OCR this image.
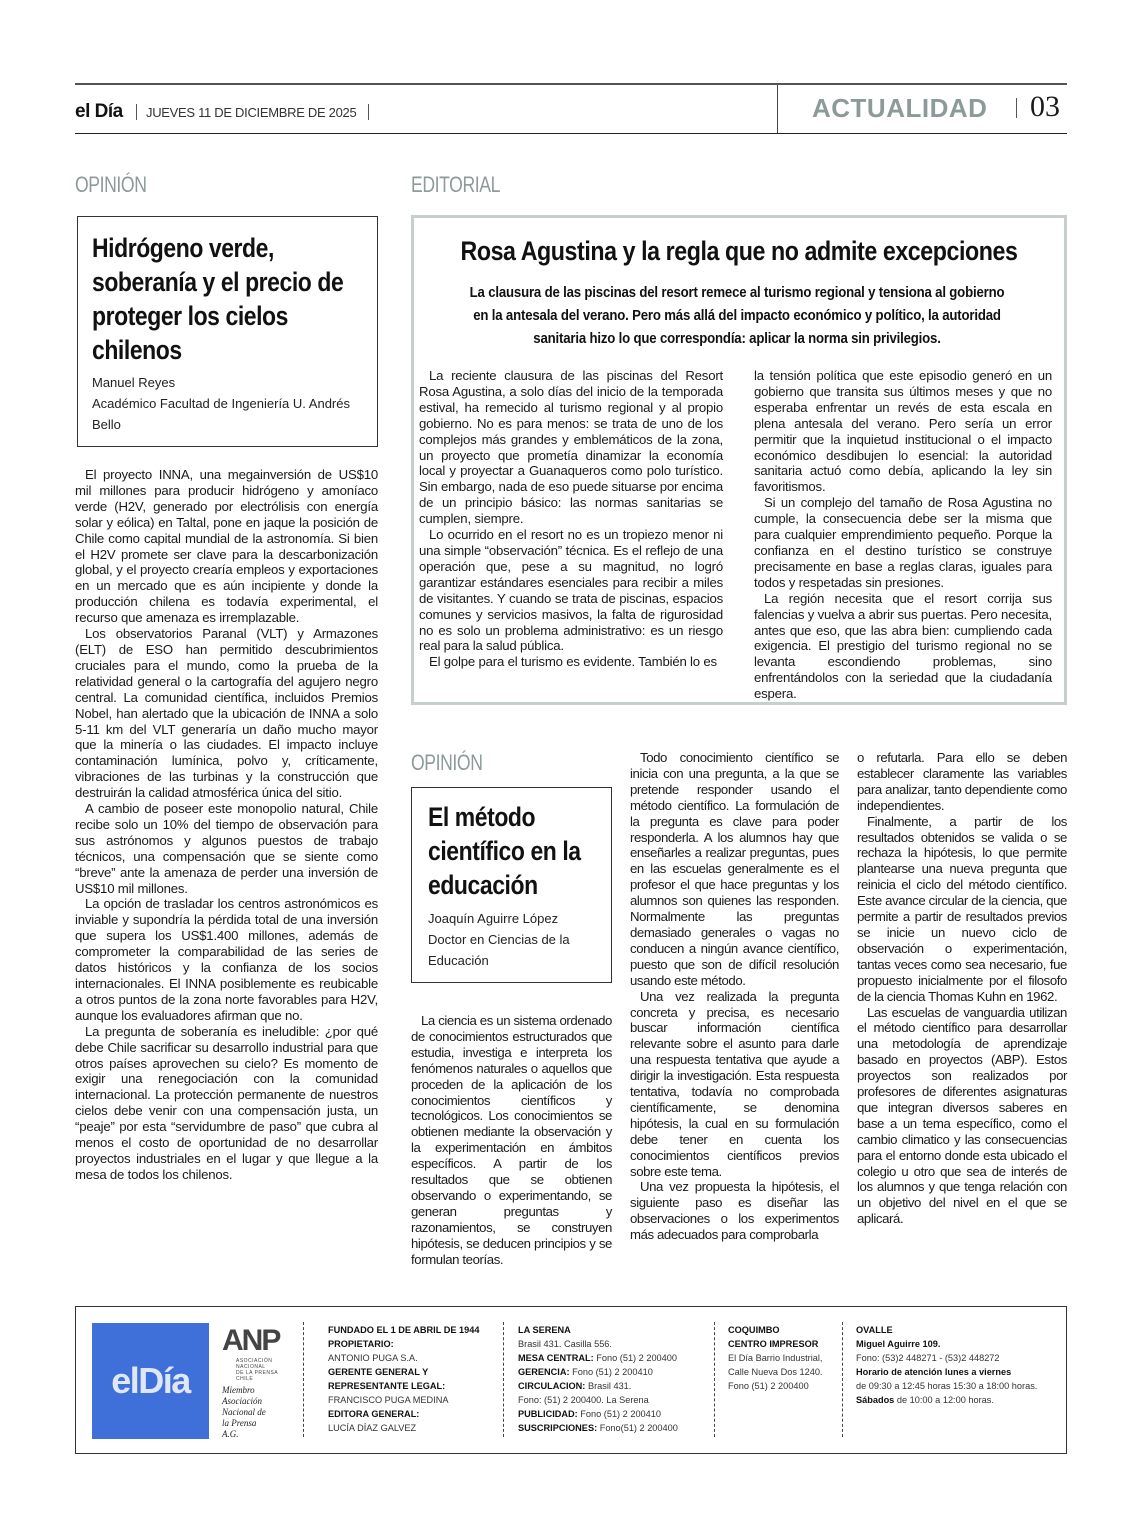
el Día JUEVES 11 DE DICIEMBRE DE 2025	ACTUALIDAD 03
OPINIÓN
Hidrógeno verde, soberanía y el precio de proteger los cielos chilenos
Manuel Reyes
Académico Facultad de Ingeniería U. Andrés Bello

El proyecto INNA, una megainversión de US$10 mil millones para producir hidrógeno y amoníaco verde (H2V, generado por electrólisis con energía solar y eólica) en Taltal, pone en jaque la posición de Chile como capital mundial de la astronomía. Si bien el H2V promete ser clave para la descarbonización global, y el proyecto crearía empleos y exportaciones en un mercado que es aún incipiente y donde la producción chilena es todavía experimental, el recurso que amenaza es irremplazable.

Los observatorios Paranal (VLT) y Armazones (ELT) de ESO han permitido descubrimientos cruciales para el mundo, como la prueba de la relatividad general o la cartografía del agujero negro central. La comunidad científica, incluidos Premios Nobel, han alertado que la ubicación de INNA a solo 5-11 km del VLT generaría un daño mucho mayor que la minería o las ciudades. El impacto incluye contaminación lumínica, polvo y, críticamente, vibraciones de las turbinas y la construcción que destruirán la calidad atmosférica única del sitio.

A cambio de poseer este monopolio natural, Chile recibe solo un 10% del tiempo de observación para sus astrónomos y algunos puestos de trabajo técnicos, una compensación que se siente como “breve” ante la amenaza de perder una inversión de US$10 mil millones.

La opción de trasladar los centros astronómicos es inviable y supondría la pérdida total de una inversión que supera los US$1.400 millones, además de comprometer la comparabilidad de las series de datos históricos y la confianza de los socios internacionales. El INNA posiblemente es reubicable a otros puntos de la zona norte favorables para H2V, aunque los evaluadores afirman que no.

La pregunta de soberanía es ineludible: ¿por qué debe Chile sacrificar su desarrollo industrial para que otros países aprovechen su cielo? Es momento de exigir una renegociación con la comunidad internacional. La protección permanente de nuestros cielos debe venir con una compensación justa, un “peaje” por esta “servidumbre de paso” que cubra al menos el costo de oportunidad de no desarrollar proyectos industriales en el lugar y que llegue a la mesa de todos los chilenos.

EDITORIAL
Rosa Agustina y la regla que no admite excepciones
La clausura de las piscinas del resort remece al turismo regional y tensiona al gobierno en la antesala del verano. Pero más allá del impacto económico y político, la autoridad sanitaria hizo lo que correspondía: aplicar la norma sin privilegios.

La reciente clausura de las piscinas del Resort Rosa Agustina, a solo días del inicio de la temporada estival, ha remecido al turismo regional y al propio gobierno. No es para menos: se trata de uno de los complejos más grandes y emblemáticos de la zona, un proyecto que prometía dinamizar la economía local y proyectar a Guanaqueros como polo turístico. Sin embargo, nada de eso puede situarse por encima de un principio básico: las normas sanitarias se cumplen, siempre.

Lo ocurrido en el resort no es un tropiezo menor ni una simple “observación” técnica. Es el reflejo de una operación que, pese a su magnitud, no logró garantizar estándares esenciales para recibir a miles de visitantes. Y cuando se trata de piscinas, espacios comunes y servicios masivos, la falta de rigurosidad no es solo un problema administrativo: es un riesgo real para la salud pública.

El golpe para el turismo es evidente. También lo es

la tensión política que este episodio generó en un gobierno que transita sus últimos meses y que no esperaba enfrentar un revés de esta escala en plena antesala del verano. Pero sería un error permitir que la inquietud institucional o el impacto económico desdibujen lo esencial: la autoridad sanitaria actuó como debía, aplicando la ley sin favoritismos.

Si un complejo del tamaño de Rosa Agustina no cumple, la consecuencia debe ser la misma que para cualquier emprendimiento pequeño. Porque la confianza en el destino turístico se construye precisamente en base a reglas claras, iguales para todos y respetadas sin presiones.

La región necesita que el resort corrija sus falencias y vuelva a abrir sus puertas. Pero necesita, antes que eso, que las abra bien: cumpliendo cada exigencia. El prestigio del turismo regional no se levanta escondiendo problemas, sino enfrentándolos con la seriedad que la ciudadanía espera.

OPINIÓN
El método científico en la educación
Joaquín Aguirre López
Doctor en Ciencias de la Educación

La ciencia es un sistema ordenado de conocimientos estructurados que estudia, investiga e interpreta los fenómenos naturales o aquellos que proceden de la aplicación de los conocimientos científicos y tecnológicos. Los conocimientos se obtienen mediante la observación y la experimentación en ámbitos específicos. A partir de los resultados que se obtienen observando o experimentando, se generan preguntas y razonamientos, se construyen hipótesis, se deducen principios y se formulan teorías.

Todo conocimiento científico se inicia con una pregunta, a la que se pretende responder usando el método científico. La formulación de la pregunta es clave para poder responderla. A los alumnos hay que enseñarles a realizar preguntas, pues en las escuelas generalmente es el profesor el que hace preguntas y los alumnos son quienes las responden. Normalmente las preguntas demasiado generales o vagas no conducen a ningún avance científico, puesto que son de difícil resolución usando este método.

Una vez realizada la pregunta concreta y precisa, es necesario buscar información científica relevante sobre el asunto para darle una respuesta tentativa que ayude a dirigir la investigación. Esta respuesta tentativa, todavía no comprobada científicamente, se denomina hipótesis, la cual en su formulación debe tener en cuenta los conocimientos científicos previos sobre este tema.

Una vez propuesta la hipótesis, el siguiente paso es diseñar las observaciones o los experimentos más adecuados para comprobarla

o refutarla. Para ello se deben establecer claramente las variables para analizar, tanto dependiente como independientes.

Finalmente, a partir de los resultados obtenidos se valida o se rechaza la hipótesis, lo que permite plantearse una nueva pregunta que reinicia el ciclo del método científico. Este avance circular de la ciencia, que permite a partir de resultados previos se inicie un nuevo ciclo de observación o experimentación, tantas veces como sea necesario, fue propuesto inicialmente por el filosofo de la ciencia Thomas Kuhn en 1962.

Las escuelas de vanguardia utilizan el método científico para desarrollar una metodología de aprendizaje basado en proyectos (ABP). Estos proyectos son realizados por profesores de diferentes asignaturas que integran diversos saberes en base a un tema específico, como el cambio climatico y las consecuencias para el entorno donde esta ubicado el colegio u otro que sea de interés de los alumnos y que tenga relación con un objetivo del nivel en el que se aplicará.

elDía
ANP
ASOCIACIÓN
NACIONAL
DE LA PRENSA
CHILE
Miembro
Asociación
Nacional de
la Prensa
A.G.
FUNDADO EL 1 DE ABRIL DE 1944
PROPIETARIO:
ANTONIO PUGA S.A.
GERENTE GENERAL Y
REPRESENTANTE LEGAL:
FRANCISCO PUGA MEDINA
EDITORA GENERAL:
LUCÍA DÍAZ GALVEZ
LA SERENA
Brasil 431. Casilla 556.
MESA CENTRAL: Fono (51) 2 200400
GERENCIA: Fono (51) 2 200410
CIRCULACION: Brasil 431.
Fono: (51) 2 200400. La Serena
PUBLICIDAD: Fono (51) 2 200410
SUSCRIPCIONES: Fono(51) 2 200400
COQUIMBO
CENTRO IMPRESOR
El Día Barrio Industrial,
Calle Nueva Dos 1240.
Fono (51) 2 200400
OVALLE
Miguel Aguirre 109.
Fono: (53)2 448271 - (53)2 448272
Horario de atención lunes a viernes
de 09:30 a 12:45 horas 15:30 a 18:00 horas.
Sábados de 10:00 a 12:00 horas.
